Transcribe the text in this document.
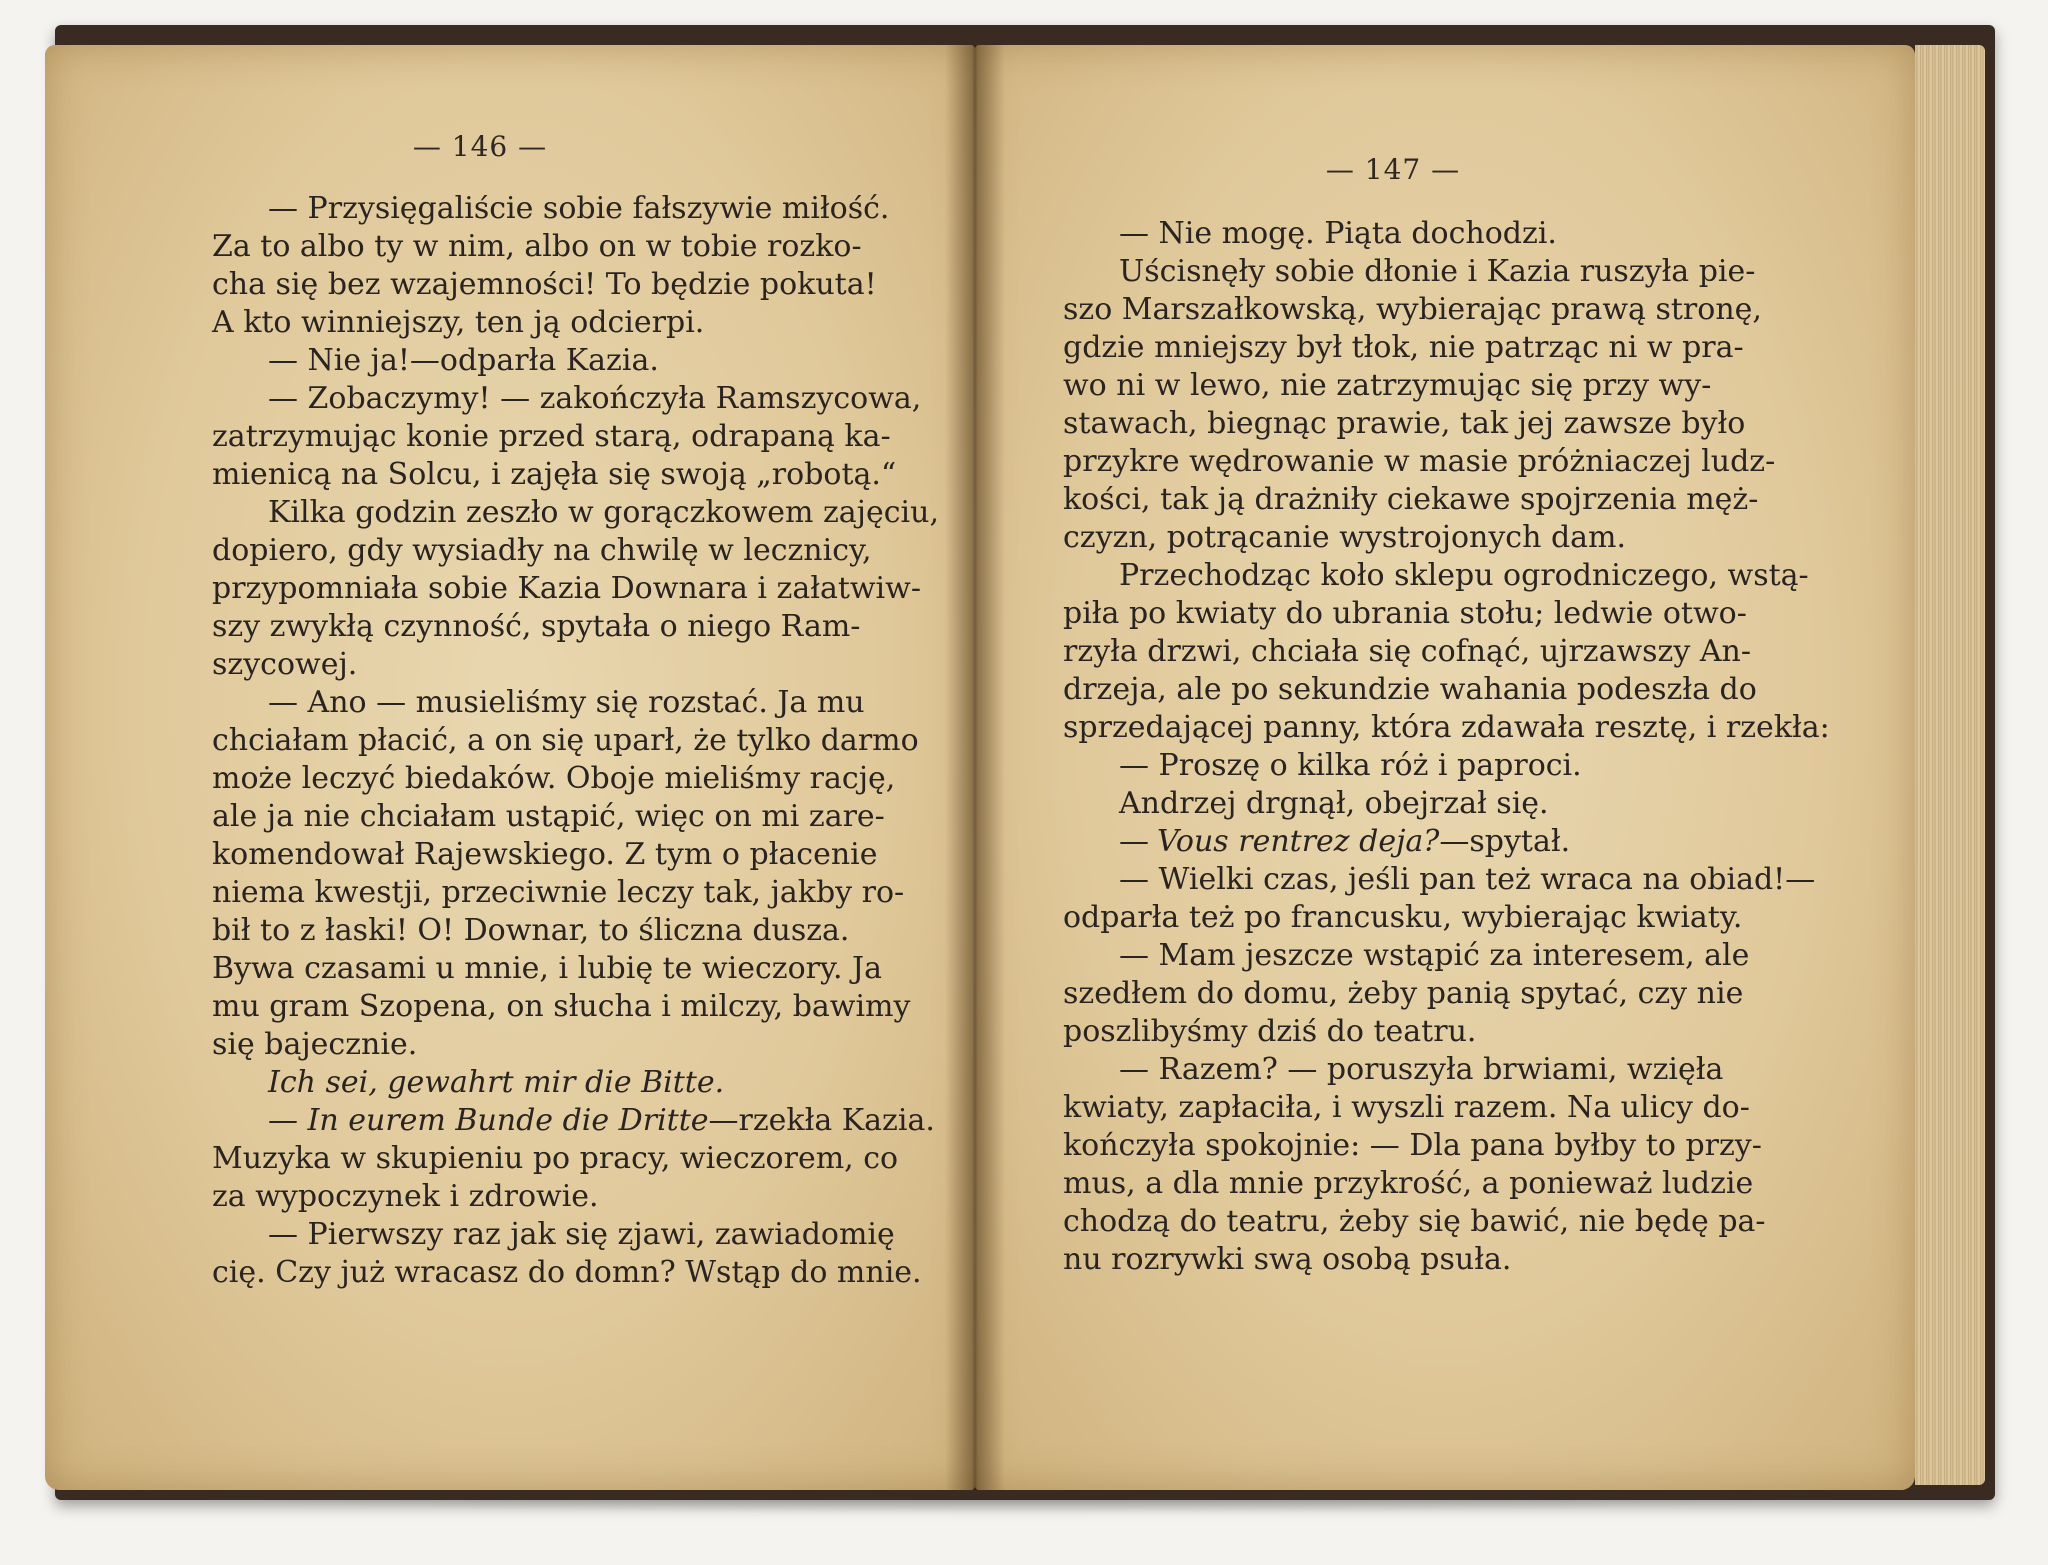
— 146 —
— 147 —
— Przysięgaliście sobie fałszywie miłość.
Za to albo ty w nim, albo on w tobie rozko-
cha się bez wzajemności! To będzie pokuta!
A kto winniejszy, ten ją odcierpi.
— Nie ja!—odparła Kazia.
— Zobaczymy! — zakończyła Ramszycowa,
zatrzymując konie przed starą, odrapaną ka-
mienicą na Solcu, i zajęła się swoją „robotą.“
Kilka godzin zeszło w gorączkowem zajęciu,
dopiero, gdy wysiadły na chwilę w lecznicy,
przypomniała sobie Kazia Downara i załatwiw-
szy zwykłą czynność, spytała o niego Ram-
szycowej.
— Ano — musieliśmy się rozstać. Ja mu
chciałam płacić, a on się uparł, że tylko darmo
może leczyć biedaków. Oboje mieliśmy rację,
ale ja nie chciałam ustąpić, więc on mi zare-
komendował Rajewskiego. Z tym o płacenie
niema kwestji, przeciwnie leczy tak, jakby ro-
bił to z łaski! O! Downar, to śliczna dusza.
Bywa czasami u mnie, i lubię te wieczory. Ja
mu gram Szopena, on słucha i milczy, bawimy
się bajecznie.
Ich sei, gewahrt mir die Bitte.
— In eurem Bunde die Dritte—rzekła Kazia.
Muzyka w skupieniu po pracy, wieczorem, co
za wypoczynek i zdrowie.
— Pierwszy raz jak się zjawi, zawiadomię
cię. Czy już wracasz do domn? Wstąp do mnie.
— Nie mogę. Piąta dochodzi.
Uścisnęły sobie dłonie i Kazia ruszyła pie-
szo Marszałkowską, wybierając prawą stronę,
gdzie mniejszy był tłok, nie patrząc ni w pra-
wo ni w lewo, nie zatrzymując się przy wy-
stawach, biegnąc prawie, tak jej zawsze było
przykre wędrowanie w masie próżniaczej ludz-
kości, tak ją drażniły ciekawe spojrzenia męż-
czyzn, potrącanie wystrojonych dam.
Przechodząc koło sklepu ogrodniczego, wstą-
piła po kwiaty do ubrania stołu; ledwie otwo-
rzyła drzwi, chciała się cofnąć, ujrzawszy An-
drzeja, ale po sekundzie wahania podeszła do
sprzedającej panny, która zdawała resztę, i rzekła:
— Proszę o kilka róż i paproci.
Andrzej drgnął, obejrzał się.
— Vous rentrez deja?—spytał.
— Wielki czas, jeśli pan też wraca na obiad!—
odparła też po francusku, wybierając kwiaty.
— Mam jeszcze wstąpić za interesem, ale
szedłem do domu, żeby panią spytać, czy nie
poszlibyśmy dziś do teatru.
— Razem? — poruszyła brwiami, wzięła
kwiaty, zapłaciła, i wyszli razem. Na ulicy do-
kończyła spokojnie: — Dla pana byłby to przy-
mus, a dla mnie przykrość, a ponieważ ludzie
chodzą do teatru, żeby się bawić, nie będę pa-
nu rozrywki swą osobą psuła.
